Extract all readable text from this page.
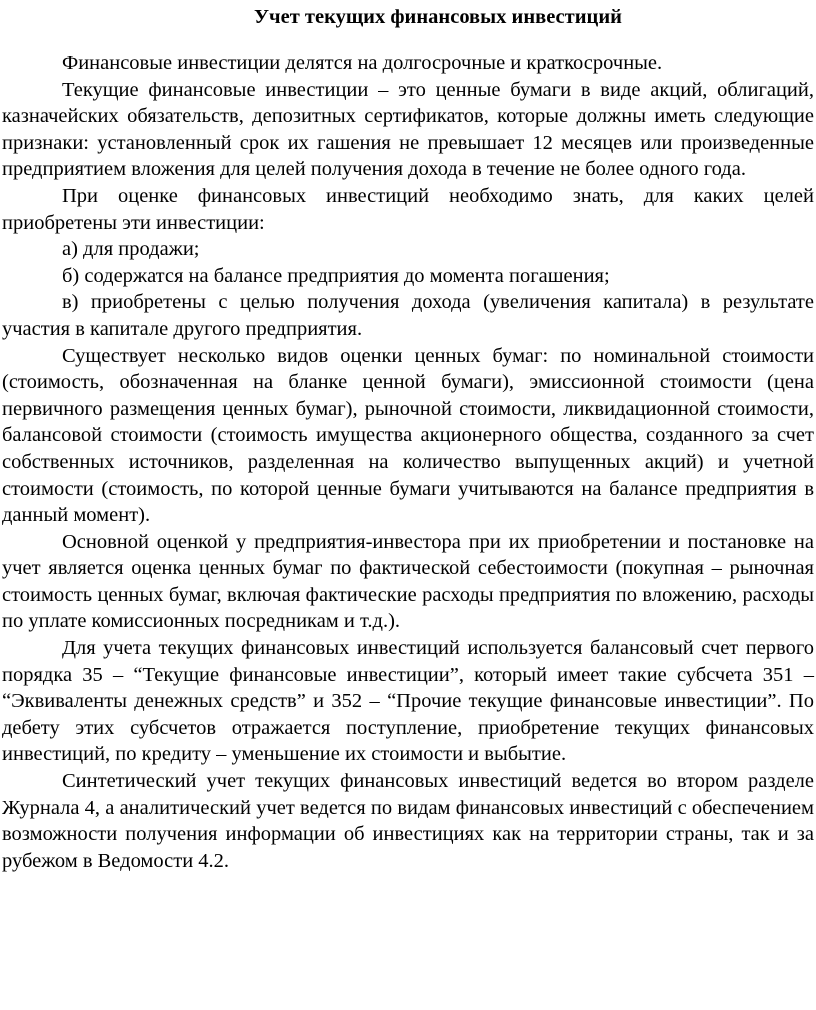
Учет текущих финансовых инвестиций

Финансовые инвестиции делятся на долгосрочные и краткосрочные.

Текущие финансовые инвестиции – это ценные бумаги в виде акций, облигаций, казначейских обязательств, депозитных сертификатов, которые должны иметь следующие признаки: установленный срок их гашения не превышает 12 месяцев или произведенные предприятием вложения для целей получения дохода в течение не более одного года.

При оценке финансовых инвестиций необходимо знать, для каких целей приобретены эти инвестиции:

а) для продажи;

б) содержатся на балансе предприятия до момента погашения;

в) приобретены с целью получения дохода (увеличения капитала) в результате участия в капитале другого предприятия.

Существует несколько видов оценки ценных бумаг: по номинальной стоимости (стоимость, обозначенная на бланке ценной бумаги), эмиссионной стоимости (цена первичного размещения ценных бумаг), рыночной стоимости, ликвидационной стоимости, балансовой стоимости (стоимость имущества акционерного общества, созданного за счет собственных источников, разделенная на количество выпущенных акций) и учетной стоимости (стоимость, по которой ценные бумаги учитываются на балансе предприятия в данный момент).

Основной оценкой у предприятия-инвестора при их приобретении и постановке на учет является оценка ценных бумаг по фактической себестоимости (покупная – рыночная стоимость ценных бумаг, включая фактические расходы предприятия по вложению, расходы по уплате комиссионных посредникам и т.д.).

Для учета текущих финансовых инвестиций используется балансовый счет первого порядка 35 – “Текущие финансовые инвестиции”, который имеет такие субсчета 351 – “Эквиваленты денежных средств” и 352 – “Прочие текущие финансовые инвестиции”. По дебету этих субсчетов отражается поступление, приобретение текущих финансовых инвестиций, по кредиту – уменьшение их стоимости и выбытие.

Синтетический учет текущих финансовых инвестиций ведется во втором разделе Журнала 4, а аналитический учет ведется по видам финансовых инвестиций с обеспечением возможности получения информации об инвестициях как на территории страны, так и за рубежом в Ведомости 4.2.
